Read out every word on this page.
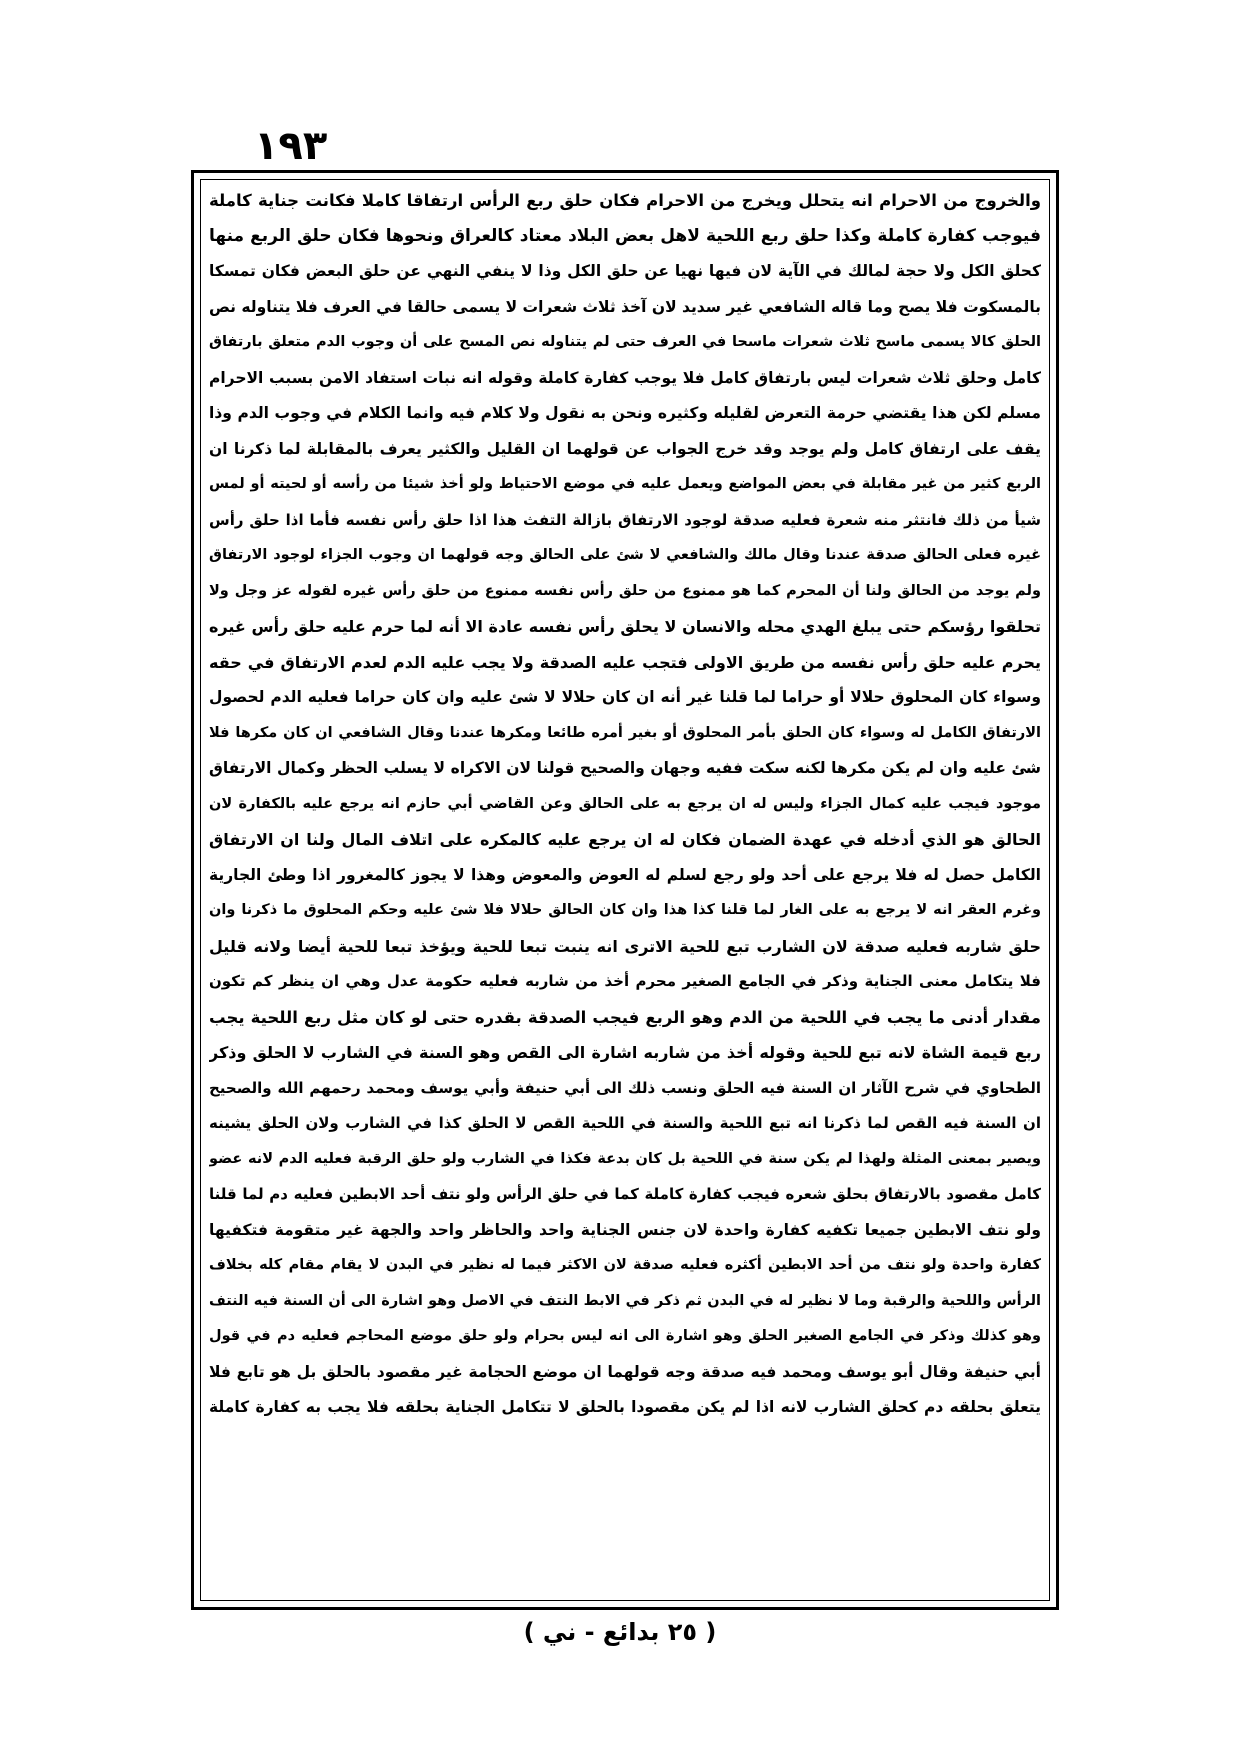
١٩٣
والخروج من الاحرام انه يتحلل ويخرج من الاحرام فكان حلق ربع الرأس ارتفاقا كاملا فكانت جناية كاملة
فيوجب كفارة كاملة وكذا حلق ربع اللحية لاهل بعض البلاد معتاد كالعراق ونحوها فكان حلق الربع منها
كحلق الكل ولا حجة لمالك في الآية لان فيها نهيا عن حلق الكل وذا لا ينفي النهي عن حلق البعض فكان تمسكا
بالمسكوت فلا يصح وما قاله الشافعي غير سديد لان آخذ ثلاث شعرات لا يسمى حالقا في العرف فلا يتناوله نص
الحلق كالا يسمى ماسح ثلاث شعرات ماسحا في العرف حتى لم يتناوله نص المسح على أن وجوب الدم متعلق بارتفاق
كامل وحلق ثلاث شعرات ليس بارتفاق كامل فلا يوجب كفارة كاملة وقوله انه نبات استفاد الامن بسبب الاحرام
مسلم لكن هذا يقتضي حرمة التعرض لقليله وكثيره ونحن به نقول ولا كلام فيه وانما الكلام في وجوب الدم وذا
يقف على ارتفاق كامل ولم يوجد وقد خرج الجواب عن قولهما ان القليل والكثير يعرف بالمقابلة لما ذكرنا ان
الربع كثير من غير مقابلة في بعض المواضع ويعمل عليه في موضع الاحتياط ولو أخذ شيئا من رأسه أو لحيته أو لمس
شيأ من ذلك فانتثر منه شعرة فعليه صدقة لوجود الارتفاق بازالة التفث هذا اذا حلق رأس نفسه فأما اذا حلق رأس
غيره فعلى الحالق صدقة عندنا وقال مالك والشافعي لا شئ على الحالق وجه قولهما ان وجوب الجزاء لوجود الارتفاق
ولم يوجد من الحالق ولنا أن المحرم كما هو ممنوع من حلق رأس نفسه ممنوع من حلق رأس غيره لقوله عز وجل ولا
تحلقوا رؤسكم حتى يبلغ الهدي محله والانسان لا يحلق رأس نفسه عادة الا أنه لما حرم عليه حلق رأس غيره
يحرم عليه حلق رأس نفسه من طريق الاولى فتجب عليه الصدقة ولا يجب عليه الدم لعدم الارتفاق في حقه
وسواء كان المحلوق حلالا أو حراما لما قلنا غير أنه ان كان حلالا لا شئ عليه وان كان حراما فعليه الدم لحصول
الارتفاق الكامل له وسواء كان الحلق بأمر المحلوق أو بغير أمره طائعا ومكرها عندنا وقال الشافعي ان كان مكرها فلا
شئ عليه وان لم يكن مكرها لكنه سكت ففيه وجهان والصحيح قولنا لان الاكراه لا يسلب الحظر وكمال الارتفاق
موجود فيجب عليه كمال الجزاء وليس له ان يرجع به على الحالق وعن القاضي أبي حازم انه يرجع عليه بالكفارة لان
الحالق هو الذي أدخله في عهدة الضمان فكان له ان يرجع عليه كالمكره على اتلاف المال ولنا ان الارتفاق
الكامل حصل له فلا يرجع على أحد ولو رجع لسلم له العوض والمعوض وهذا لا يجوز كالمغرور اذا وطئ الجارية
وغرم العقر انه لا يرجع به على الغار لما قلنا كذا هذا وان كان الحالق حلالا فلا شئ عليه وحكم المحلوق ما ذكرنا وان
حلق شاربه فعليه صدقة لان الشارب تبع للحية الاترى انه ينبت تبعا للحية ويؤخذ تبعا للحية أيضا ولانه قليل
فلا يتكامل معنى الجناية وذكر في الجامع الصغير محرم أخذ من شاربه فعليه حكومة عدل وهي ان ينظر كم تكون
مقدار أدنى ما يجب في اللحية من الدم وهو الربع فيجب الصدقة بقدره حتى لو كان مثل ربع اللحية يجب
ربع قيمة الشاة لانه تبع للحية وقوله أخذ من شاربه اشارة الى القص وهو السنة في الشارب لا الحلق وذكر
الطحاوي في شرح الآثار ان السنة فيه الحلق ونسب ذلك الى أبي حنيفة وأبي يوسف ومحمد رحمهم الله والصحيح
ان السنة فيه القص لما ذكرنا انه تبع اللحية والسنة في اللحية القص لا الحلق كذا في الشارب ولان الحلق يشينه
ويصير بمعنى المثلة ولهذا لم يكن سنة في اللحية بل كان بدعة فكذا في الشارب ولو حلق الرقبة فعليه الدم لانه عضو
كامل مقصود بالارتفاق بحلق شعره فيجب كفارة كاملة كما في حلق الرأس ولو نتف أحد الابطين فعليه دم لما قلنا
ولو نتف الابطين جميعا تكفيه كفارة واحدة لان جنس الجناية واحد والحاظر واحد والجهة غير متقومة فتكفيها
كفارة واحدة ولو نتف من أحد الابطين أكثره فعليه صدقة لان الاكثر فيما له نظير في البدن لا يقام مقام كله بخلاف
الرأس واللحية والرقبة وما لا نظير له في البدن ثم ذكر في الابط النتف في الاصل وهو اشارة الى أن السنة فيه النتف
وهو كذلك وذكر في الجامع الصغير الحلق وهو اشارة الى انه ليس بحرام ولو حلق موضع المحاجم فعليه دم في قول
أبي حنيفة وقال أبو يوسف ومحمد فيه صدقة وجه قولهما ان موضع الحجامة غير مقصود بالحلق بل هو تابع فلا
يتعلق بحلقه دم كحلق الشارب لانه اذا لم يكن مقصودا بالحلق لا تتكامل الجناية بحلقه فلا يجب به كفارة كاملة
( ٢٥ بدائع - ني )
